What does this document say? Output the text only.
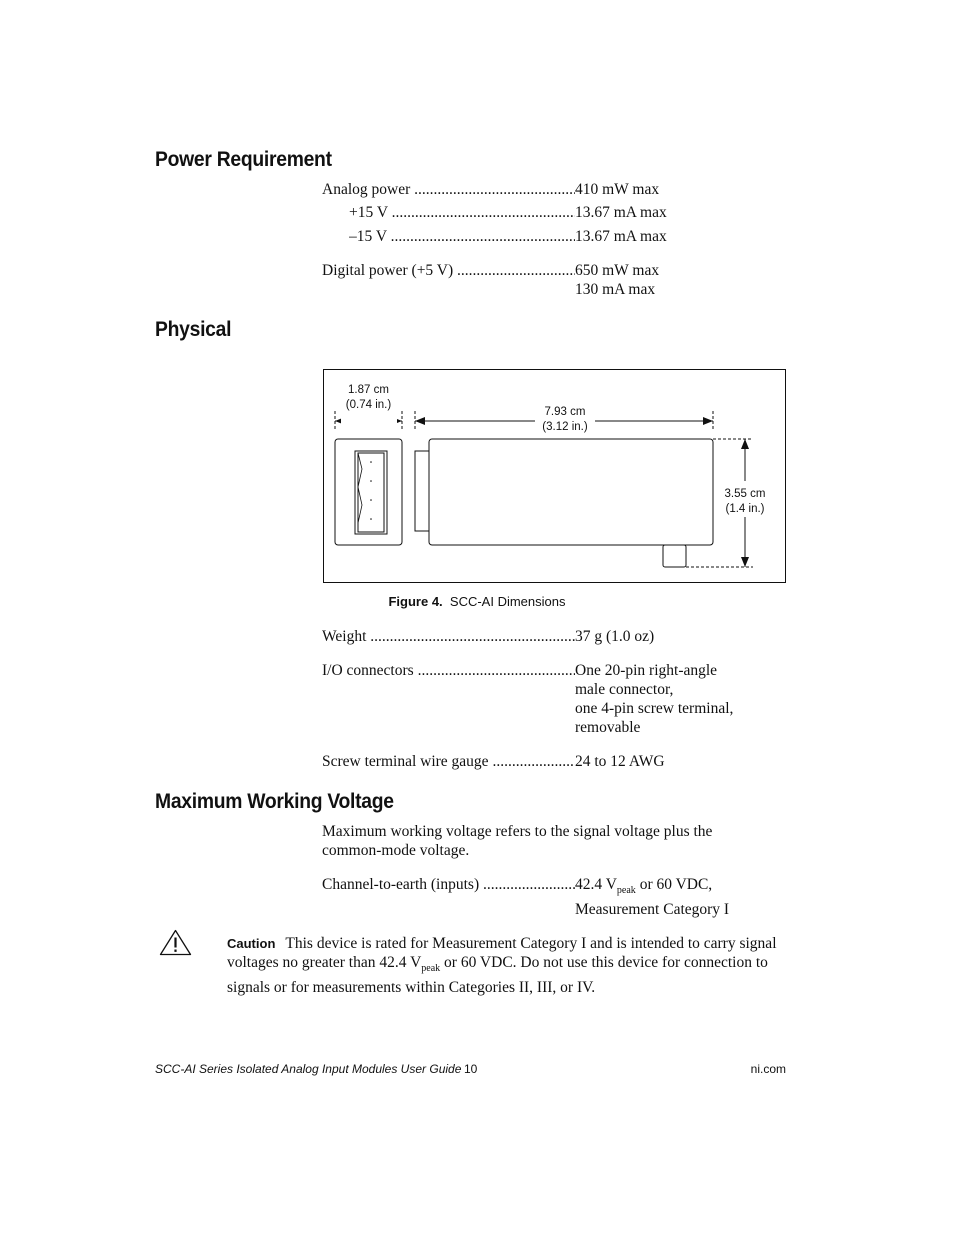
Power Requirement
Analog power .....	410 mW max
+15 V .....	13.67 mA max
–15 V .....	13.67 mA max
Digital power (+5 V) .....	650 mW max
130 mA max
Physical
1.87 cm
(0.74 in.)
7.93 cm
(3.12 in.)
3.55 cm
(1.4 in.)
Figure 4. SCC-AI Dimensions
Weight .....	37 g (1.0 oz)
I/O connectors .....	One 20-pin right-angle
male connector,
one 4-pin screw terminal,
removable
Screw terminal wire gauge .....	24 to 12 AWG
Maximum Working Voltage
Maximum working voltage refers to the signal voltage plus the
common-mode voltage.
Channel-to-earth (inputs) .....	42.4 $V_{peak}$ or 60 VDC,
Measurement Category I
Caution This device is rated for Measurement Category I and is intended to carry signal
voltages no greater than 42.4 $V_{peak}$ or 60 VDC. Do not use this device for connection to
signals or for measurements within Categories II, III, or IV.
SCC-AI Series Isolated Analog Input Modules User Guide 10	ni.com
